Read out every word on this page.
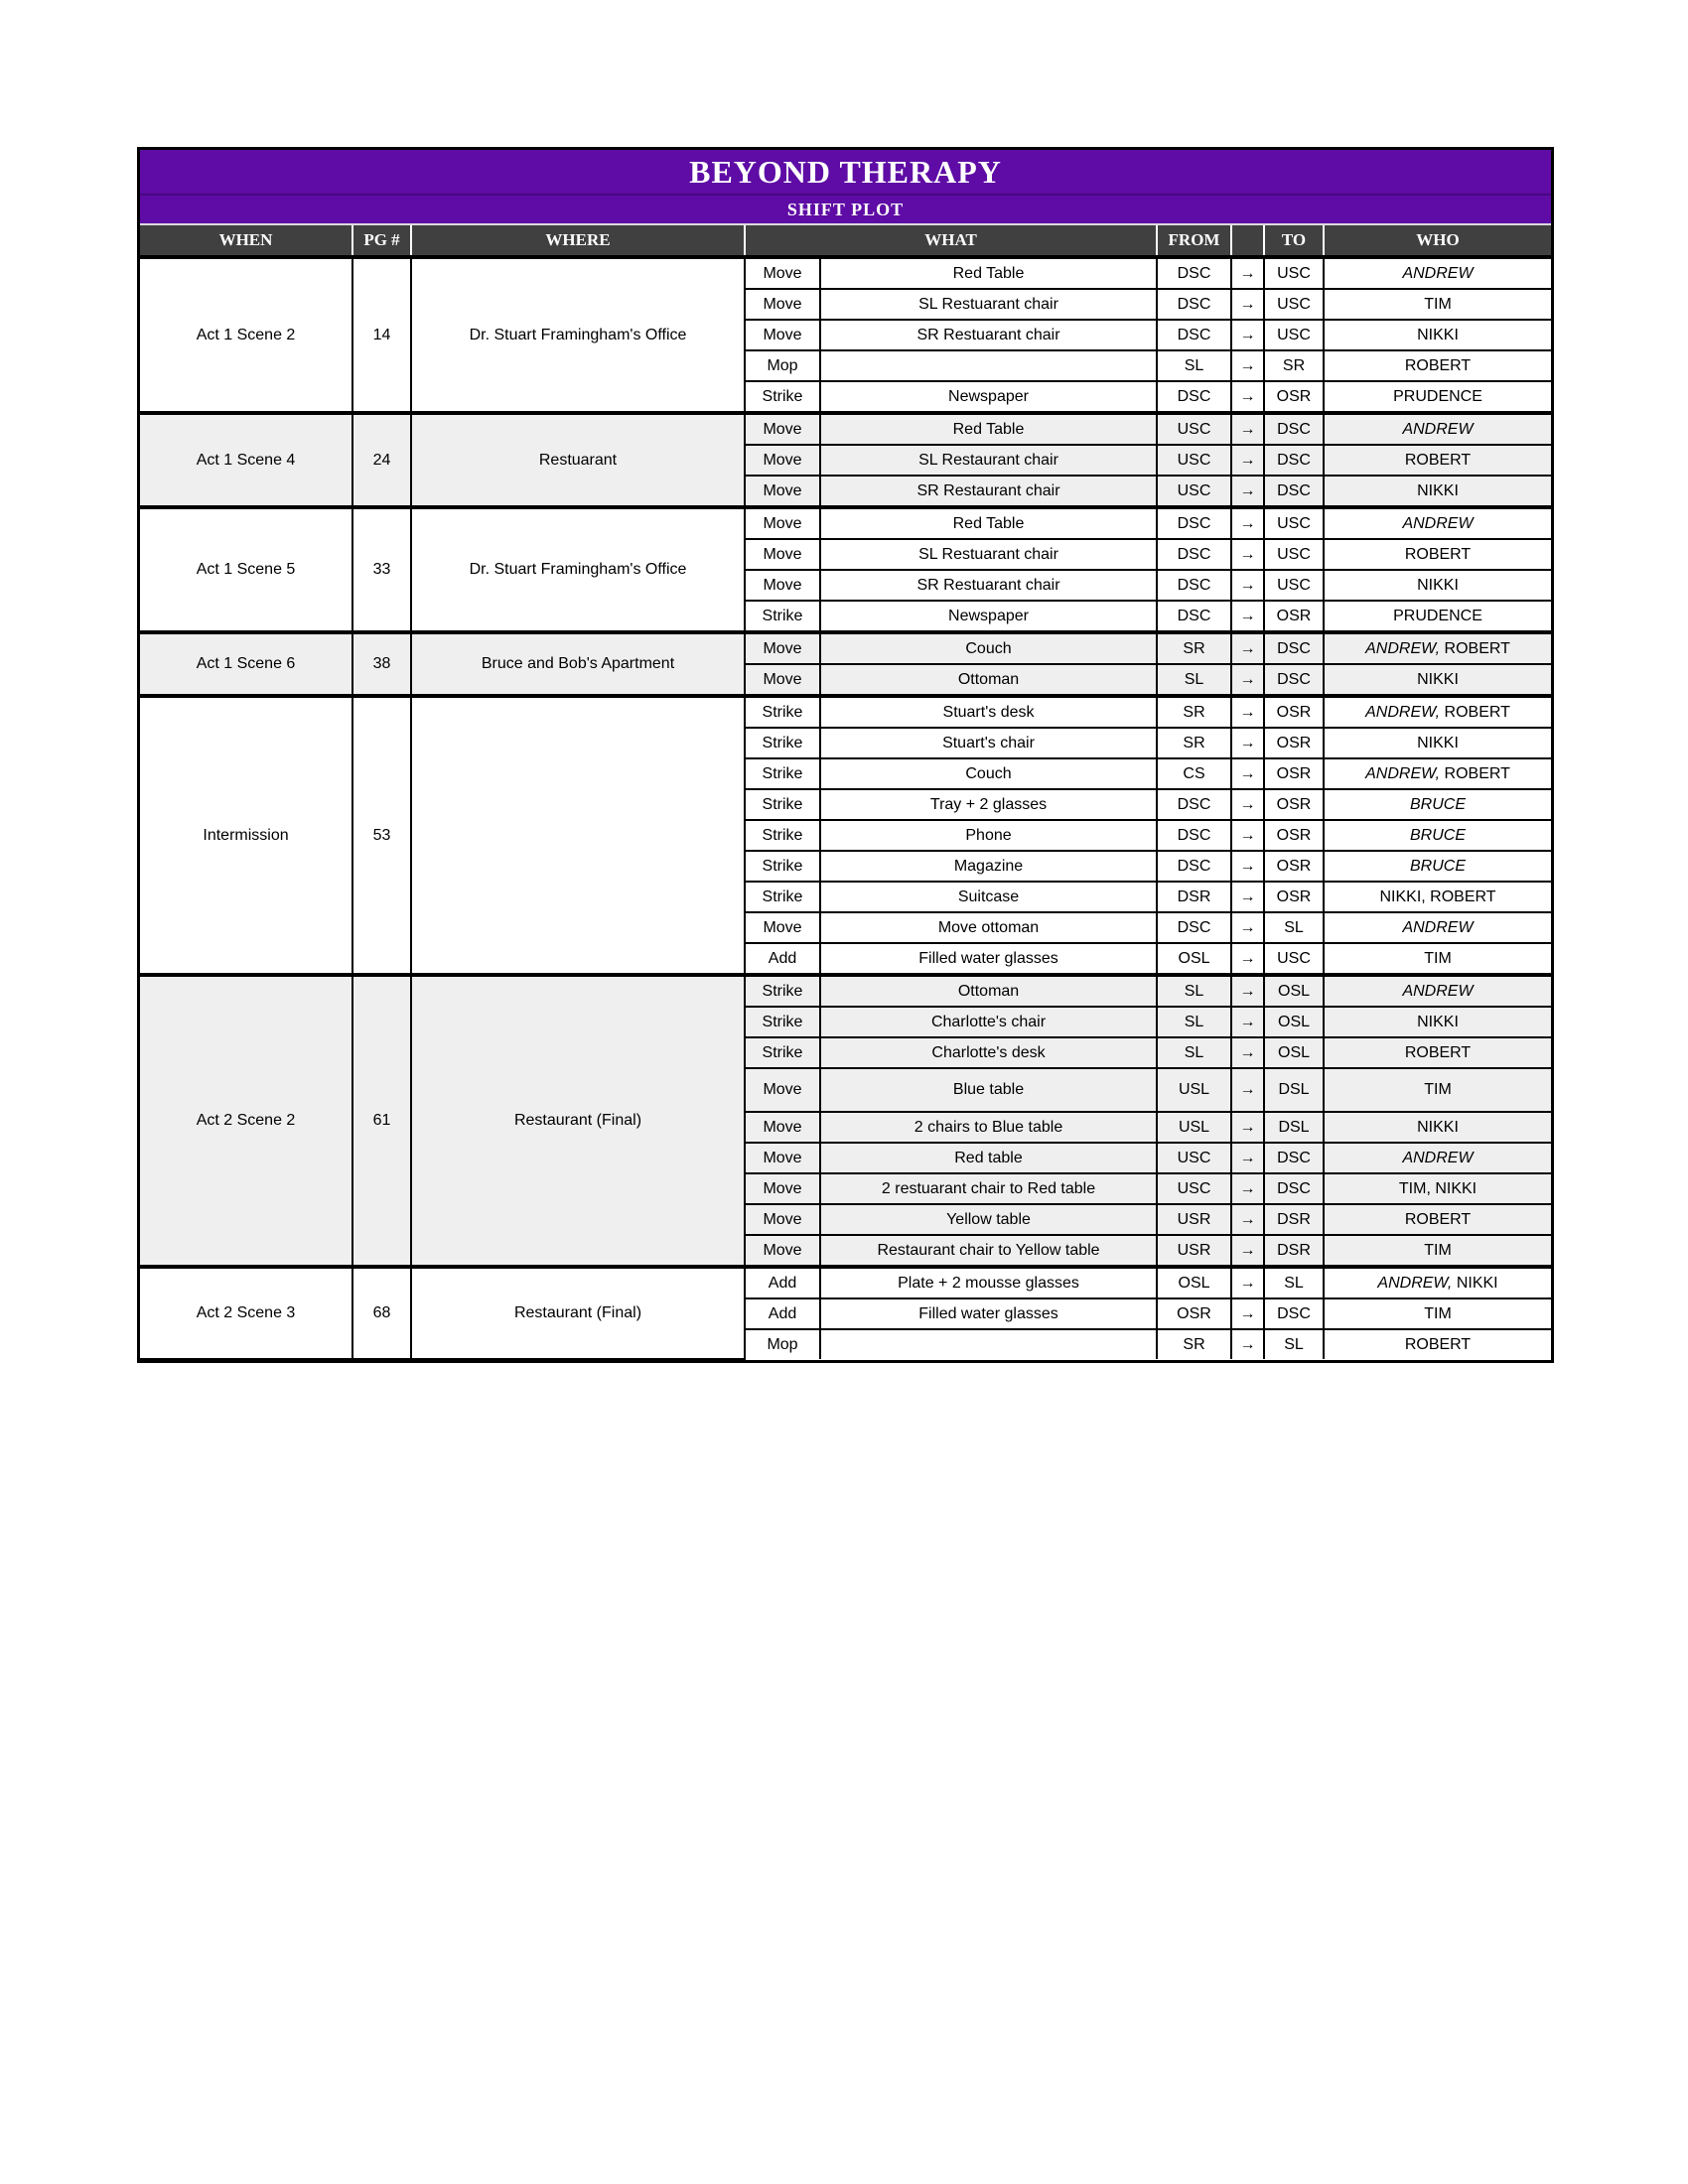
BEYOND THERAPY
SHIFT PLOT
WHEN	PG #	WHERE	WHAT		FROM		TO	WHO
Act 1 Scene 2	14	Dr. Stuart Framingham's Office	Move	Red Table	DSC	→	USC	ANDREW
			Move	SL Restuarant chair	DSC	→	USC	TIM
			Move	SR Restuarant chair	DSC	→	USC	NIKKI
			Mop		SL	→	SR	ROBERT
			Strike	Newspaper	DSC	→	OSR	PRUDENCE
Act 1 Scene 4	24	Restuarant	Move	Red Table	USC	→	DSC	ANDREW
			Move	SL Restaurant chair	USC	→	DSC	ROBERT
			Move	SR Restaurant chair	USC	→	DSC	NIKKI
Act 1 Scene 5	33	Dr. Stuart Framingham's Office	Move	Red Table	DSC	→	USC	ANDREW
			Move	SL Restuarant chair	DSC	→	USC	ROBERT
			Move	SR Restuarant chair	DSC	→	USC	NIKKI
			Strike	Newspaper	DSC	→	OSR	PRUDENCE
Act 1 Scene 6	38	Bruce and Bob's Apartment	Move	Couch	SR	→	DSC	ANDREW, ROBERT
			Move	Ottoman	SL	→	DSC	NIKKI
Intermission	53		Strike	Stuart's desk	SR	→	OSR	ANDREW, ROBERT
			Strike	Stuart's chair	SR	→	OSR	NIKKI
			Strike	Couch	CS	→	OSR	ANDREW, ROBERT
			Strike	Tray + 2 glasses	DSC	→	OSR	BRUCE
			Strike	Phone	DSC	→	OSR	BRUCE
			Strike	Magazine	DSC	→	OSR	BRUCE
			Strike	Suitcase	DSR	→	OSR	NIKKI, ROBERT
			Move	Move ottoman	DSC	→	SL	ANDREW
			Add	Filled water glasses	OSL	→	USC	TIM
Act 2 Scene 2	61	Restaurant (Final)	Strike	Ottoman	SL	→	OSL	ANDREW
			Strike	Charlotte's chair	SL	→	OSL	NIKKI
			Strike	Charlotte's desk	SL	→	OSL	ROBERT
			Move	Blue table	USL	→	DSL	TIM
			Move	2 chairs to Blue table	USL	→	DSL	NIKKI
			Move	Red table	USC	→	DSC	ANDREW
			Move	2 restuarant chair to Red table	USC	→	DSC	TIM, NIKKI
			Move	Yellow table	USR	→	DSR	ROBERT
			Move	Restaurant chair to Yellow table	USR	→	DSR	TIM
Act 2 Scene 3	68	Restaurant (Final)	Add	Plate + 2 mousse glasses	OSL	→	SL	ANDREW, NIKKI
			Add	Filled water glasses	OSR	→	DSC	TIM
			Mop		SR	→	SL	ROBERT
